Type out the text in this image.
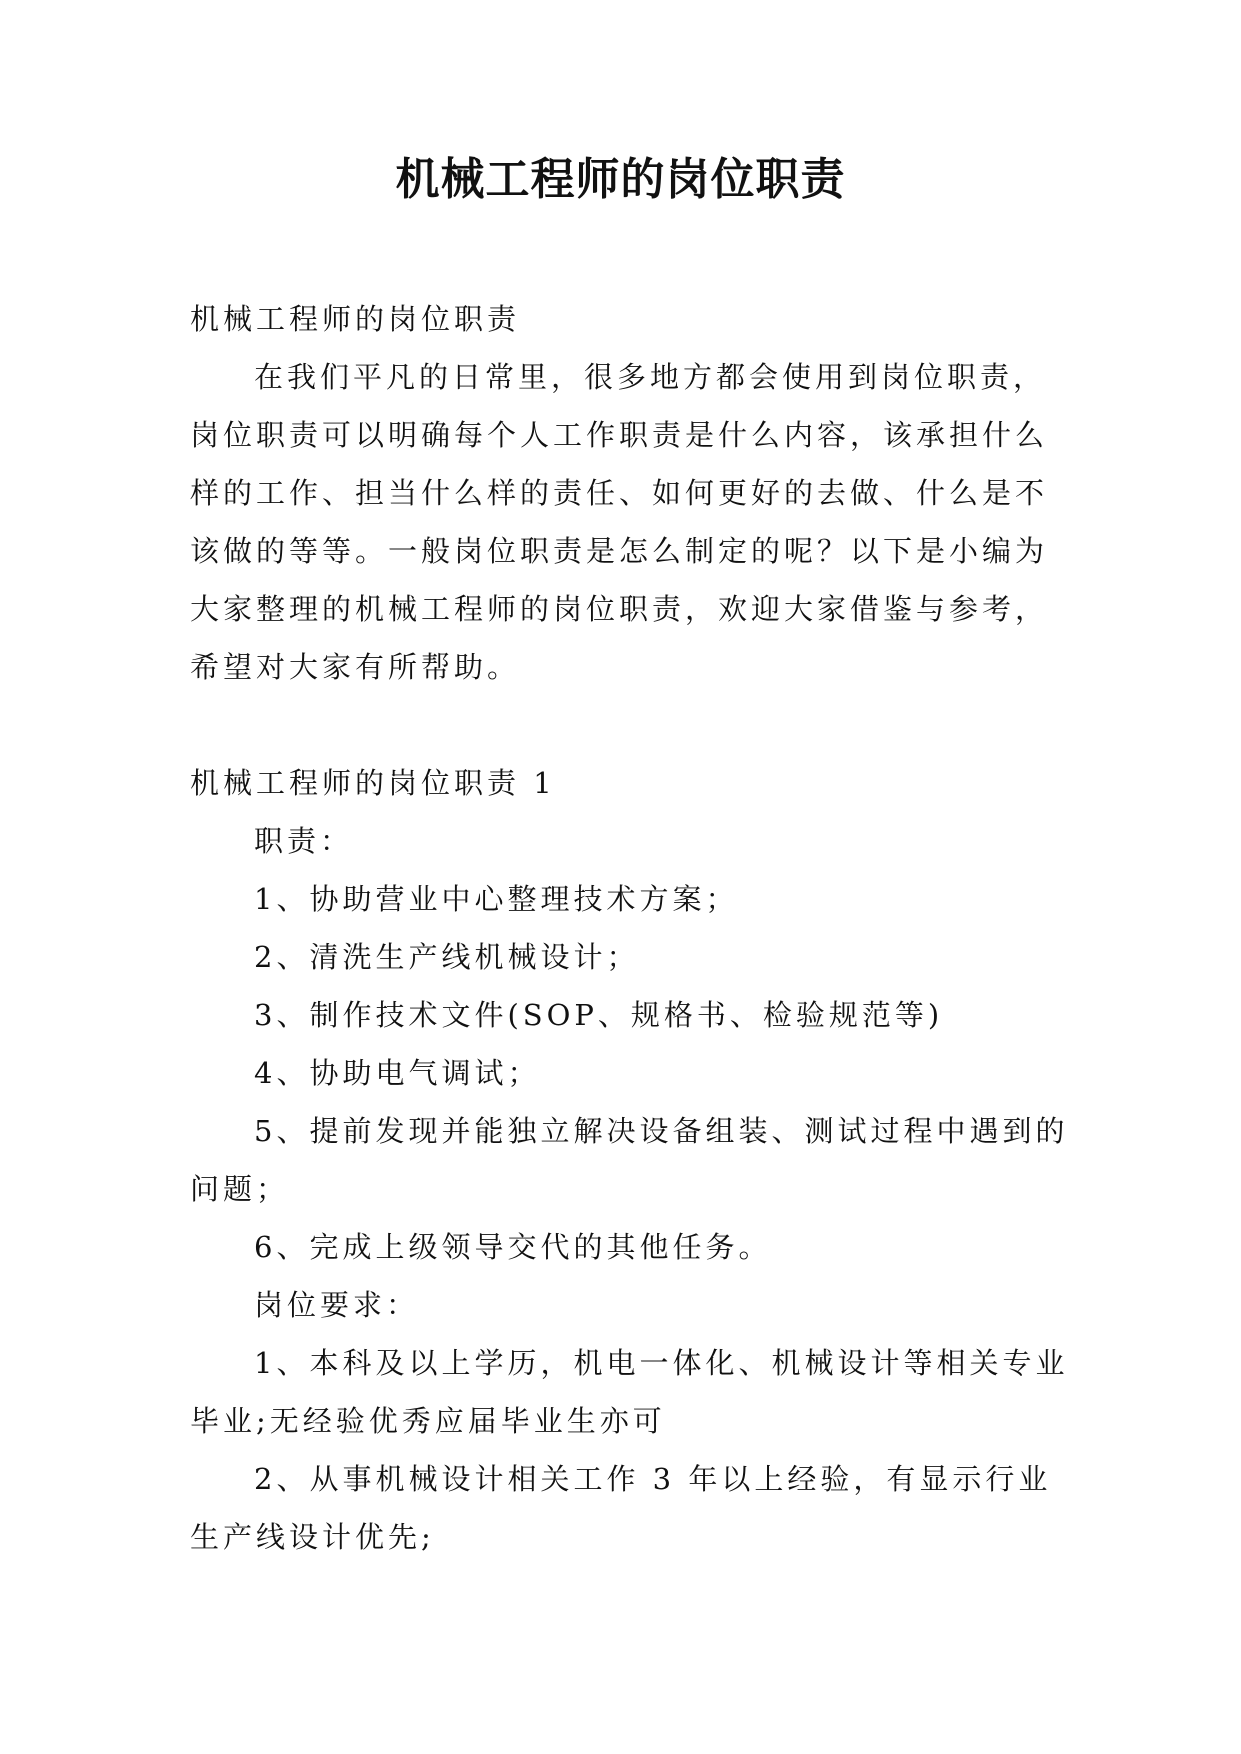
机械工程师的岗位职责

机械工程师的岗位职责

在我们平凡的日常里，很多地方都会使用到岗位职责，岗位职责可以明确每个人工作职责是什么内容，该承担什么样的工作、担当什么样的责任、如何更好的去做、什么是不该做的等等。一般岗位职责是怎么制定的呢？以下是小编为大家整理的机械工程师的岗位职责，欢迎大家借鉴与参考，希望对大家有所帮助。

机械工程师的岗位职责 1

职责：

1、协助营业中心整理技术方案；

2、清洗生产线机械设计；

3、制作技术文件(SOP、规格书、检验规范等)

4、协助电气调试；

5、提前发现并能独立解决设备组装、测试过程中遇到的问题；

6、完成上级领导交代的其他任务。

岗位要求：

1、本科及以上学历，机电一体化、机械设计等相关专业毕业;无经验优秀应届毕业生亦可

2、从事机械设计相关工作 3 年以上经验，有显示行业生产线设计优先;
